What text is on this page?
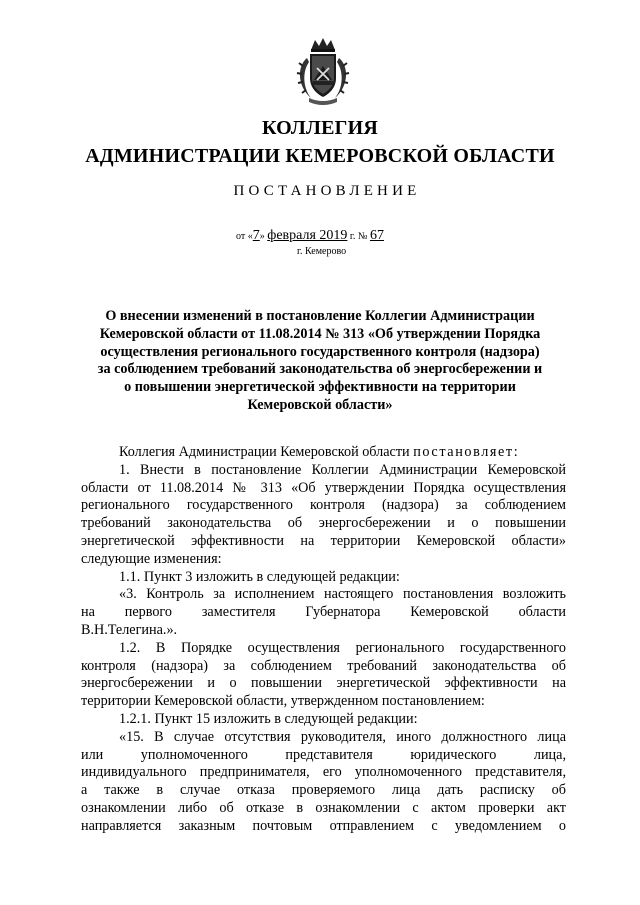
КОЛЛЕГИЯ
АДМИНИСТРАЦИИ КЕМЕРОВСКОЙ ОБЛАСТИ
ПОСТАНОВЛЕНИЕ
от «7» февраля 2019 г. № 67
г. Кемерово
О внесении изменений в постановление Коллегии Администрации
Кемеровской области от 11.08.2014 № 313 «Об утверждении Порядка
осуществления регионального государственного контроля (надзора)
за соблюдением требований законодательства об энергосбережении и
о повышении энергетической эффективности на территории
Кемеровской области»
Коллегия Администрации Кемеровской области постановляет:
1. Внести в постановление Коллегии Администрации Кемеровской
области от 11.08.2014 № 313 «Об утверждении Порядка осуществления
регионального государственного контроля (надзора) за соблюдением
требований законодательства об энергосбережении и о повышении
энергетической эффективности на территории Кемеровской области»
следующие изменения:
1.1. Пункт 3 изложить в следующей редакции:
«3. Контроль за исполнением настоящего постановления возложить
на первого заместителя Губернатора Кемеровской области
В.Н.Телегина.».
1.2. В Порядке осуществления регионального государственного
контроля (надзора) за соблюдением требований законодательства об
энергосбережении и о повышении энергетической эффективности на
территории Кемеровской области, утвержденном постановлением:
1.2.1. Пункт 15 изложить в следующей редакции:
«15. В случае отсутствия руководителя, иного должностного лица
или уполномоченного представителя юридического лица,
индивидуального предпринимателя, его уполномоченного представителя,
а также в случае отказа проверяемого лица дать расписку об
ознакомлении либо об отказе в ознакомлении с актом проверки акт
направляется заказным почтовым отправлением с уведомлением о
